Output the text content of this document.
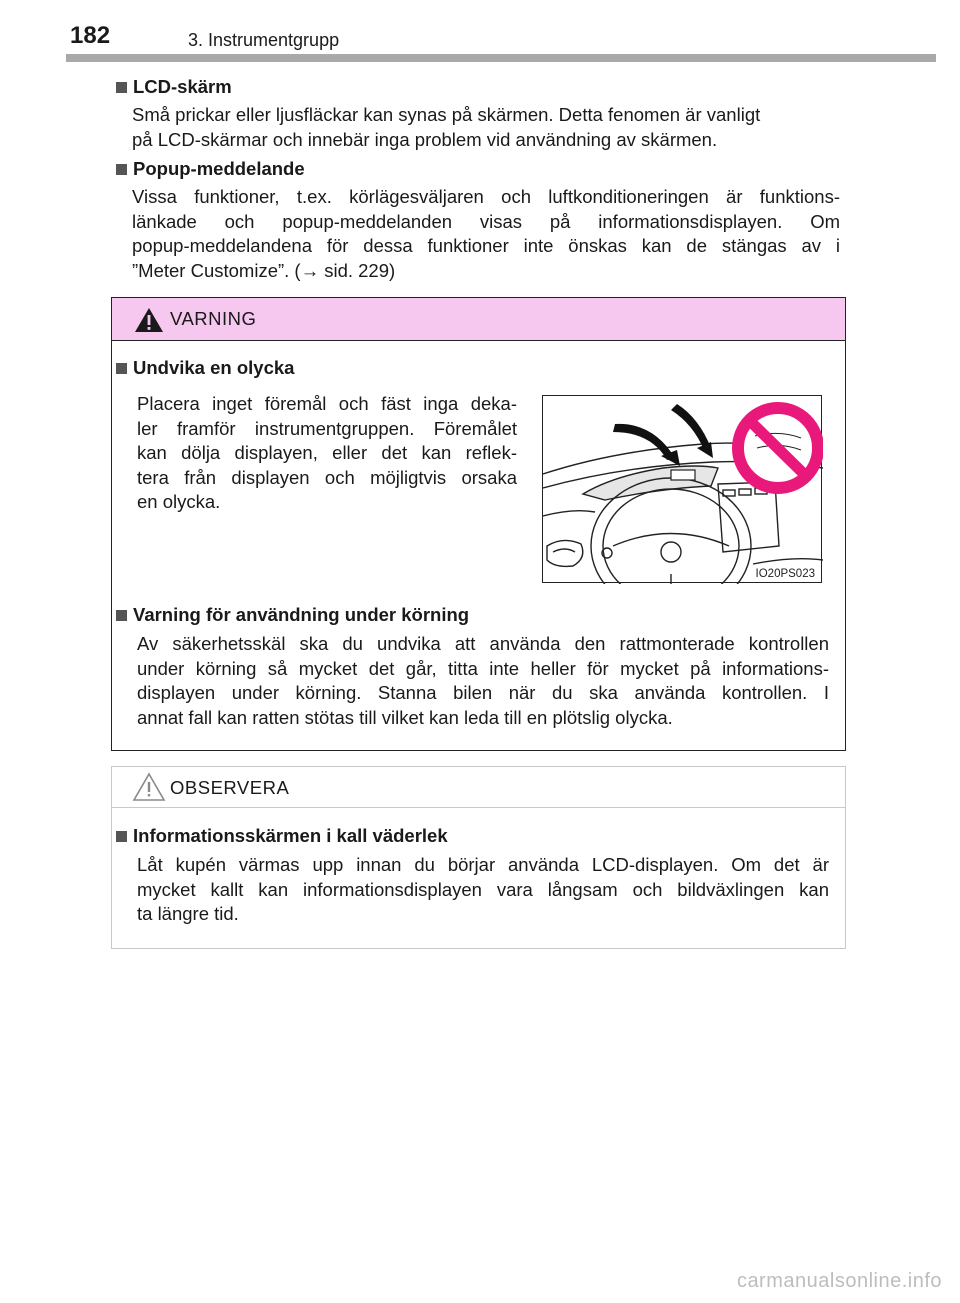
182	3. Instrumentgrupp
LCD-skärm
Små prickar eller ljusfläckar kan synas på skärmen. Detta fenomen är vanligt
på LCD-skärmar och innebär inga problem vid användning av skärmen.
Popup-meddelande
Vissa funktioner, t.ex. körlägesväljaren och luftkonditioneringen är funktions-
länkade och popup-meddelanden visas på informationsdisplayen. Om
popup-meddelandena för dessa funktioner inte önskas kan de stängas av i
”Meter Customize”. (→ sid. 229)
VARNING
Undvika en olycka
Placera inget föremål och fäst inga deka-
ler framför instrumentgruppen. Föremålet
kan dölja displayen, eller det kan reflek-
tera från displayen och möjligtvis orsaka
en olycka.
IO20PS023
Varning för användning under körning
Av säkerhetsskäl ska du undvika att använda den rattmonterade kontrollen
under körning så mycket det går, titta inte heller för mycket på informations-
displayen under körning. Stanna bilen när du ska använda kontrollen. I
annat fall kan ratten stötas till vilket kan leda till en plötslig olycka.
OBSERVERA
Informationsskärmen i kall väderlek
Låt kupén värmas upp innan du börjar använda LCD-displayen. Om det är
mycket kallt kan informationsdisplayen vara långsam och bildväxlingen kan
ta längre tid.
carmanualsonline.info
